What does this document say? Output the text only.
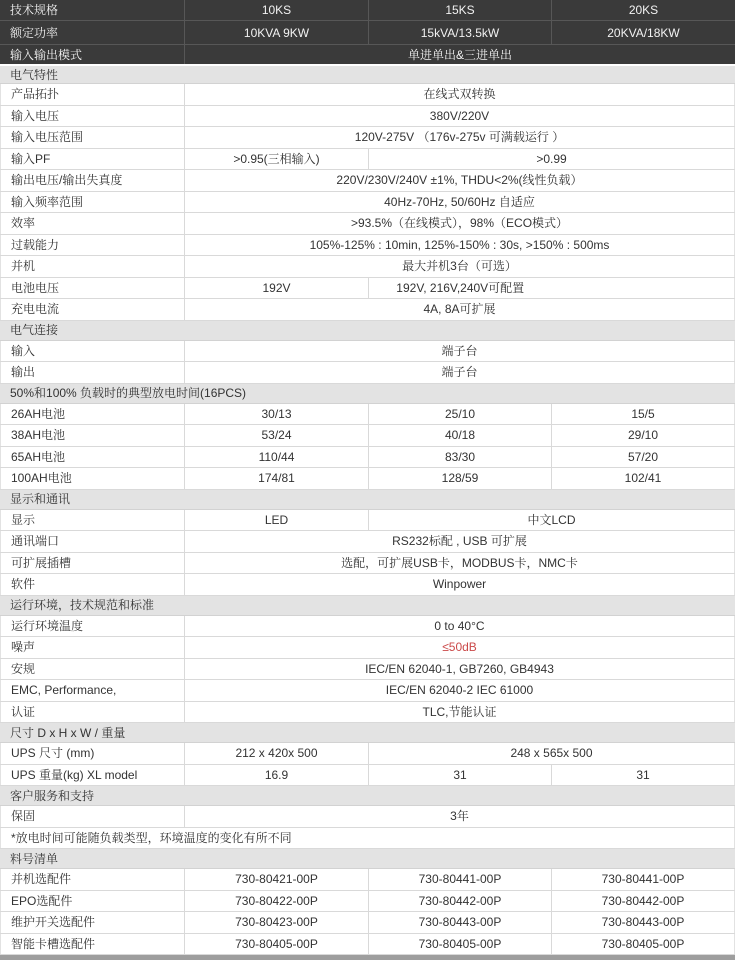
技术规格	10KS	15KS	20KS
额定功率	10KVA 9KW	15kVA/13.5kW	20KVA/18KW
输入输出模式	单进单出&三进单出
电气特性
产品拓扑	在线式双转换
输入电压	380V/220V
输入电压范围	120V-275V （176v-275v 可满载运行 ）
输入PF	>0.95(三相输入)	>0.99
输出电压/输出失真度	220V/230V/240V ±1%, THDU<2%(线性负载）
输入频率范围	40Hz-70Hz, 50/60Hz 自适应
效率	>93.5%（在线模式），98%（ECO模式）
过载能力	105%-125% : 10min, 125%-150% : 30s, >150% : 500ms
并机	最大并机3台（可选）
电池电压	192V	192V, 216V,240V可配置
充电电流	4A, 8A可扩展
电气连接
输入	端子台
输出	端子台
50%和100% 负载时的典型放电时间(16PCS)
26AH电池	30/13	25/10	15/5
38AH电池	53/24	40/18	29/10
65AH电池	110/44	83/30	57/20
100AH电池	174/81	128/59	102/41
显示和通讯
显示	LED	中文LCD
通讯端口	RS232标配 , USB 可扩展
可扩展插槽	选配，可扩展USB卡，MODBUS卡，NMC卡
软件	Winpower
运行环境，技术规范和标准
运行环境温度	0 to 40°C
噪声	≤50dB
安规	IEC/EN 62040-1, GB7260, GB4943
EMC, Performance,	IEC/EN 62040-2 IEC 61000
认证	TLC,节能认证
尺寸 D x H x W / 重量
UPS 尺寸 (mm)	212 x 420x 500	248 x 565x 500
UPS 重量(kg) XL model	16.9	31	31
客户服务和支持
保固	3年
*放电时间可能随负载类型，环境温度的变化有所不同
料号清单
并机选配件	730-80421-00P	730-80441-00P	730-80441-00P
EPO选配件	730-80422-00P	730-80442-00P	730-80442-00P
维护开关选配件	730-80423-00P	730-80443-00P	730-80443-00P
智能卡槽选配件	730-80405-00P	730-80405-00P	730-80405-00P
